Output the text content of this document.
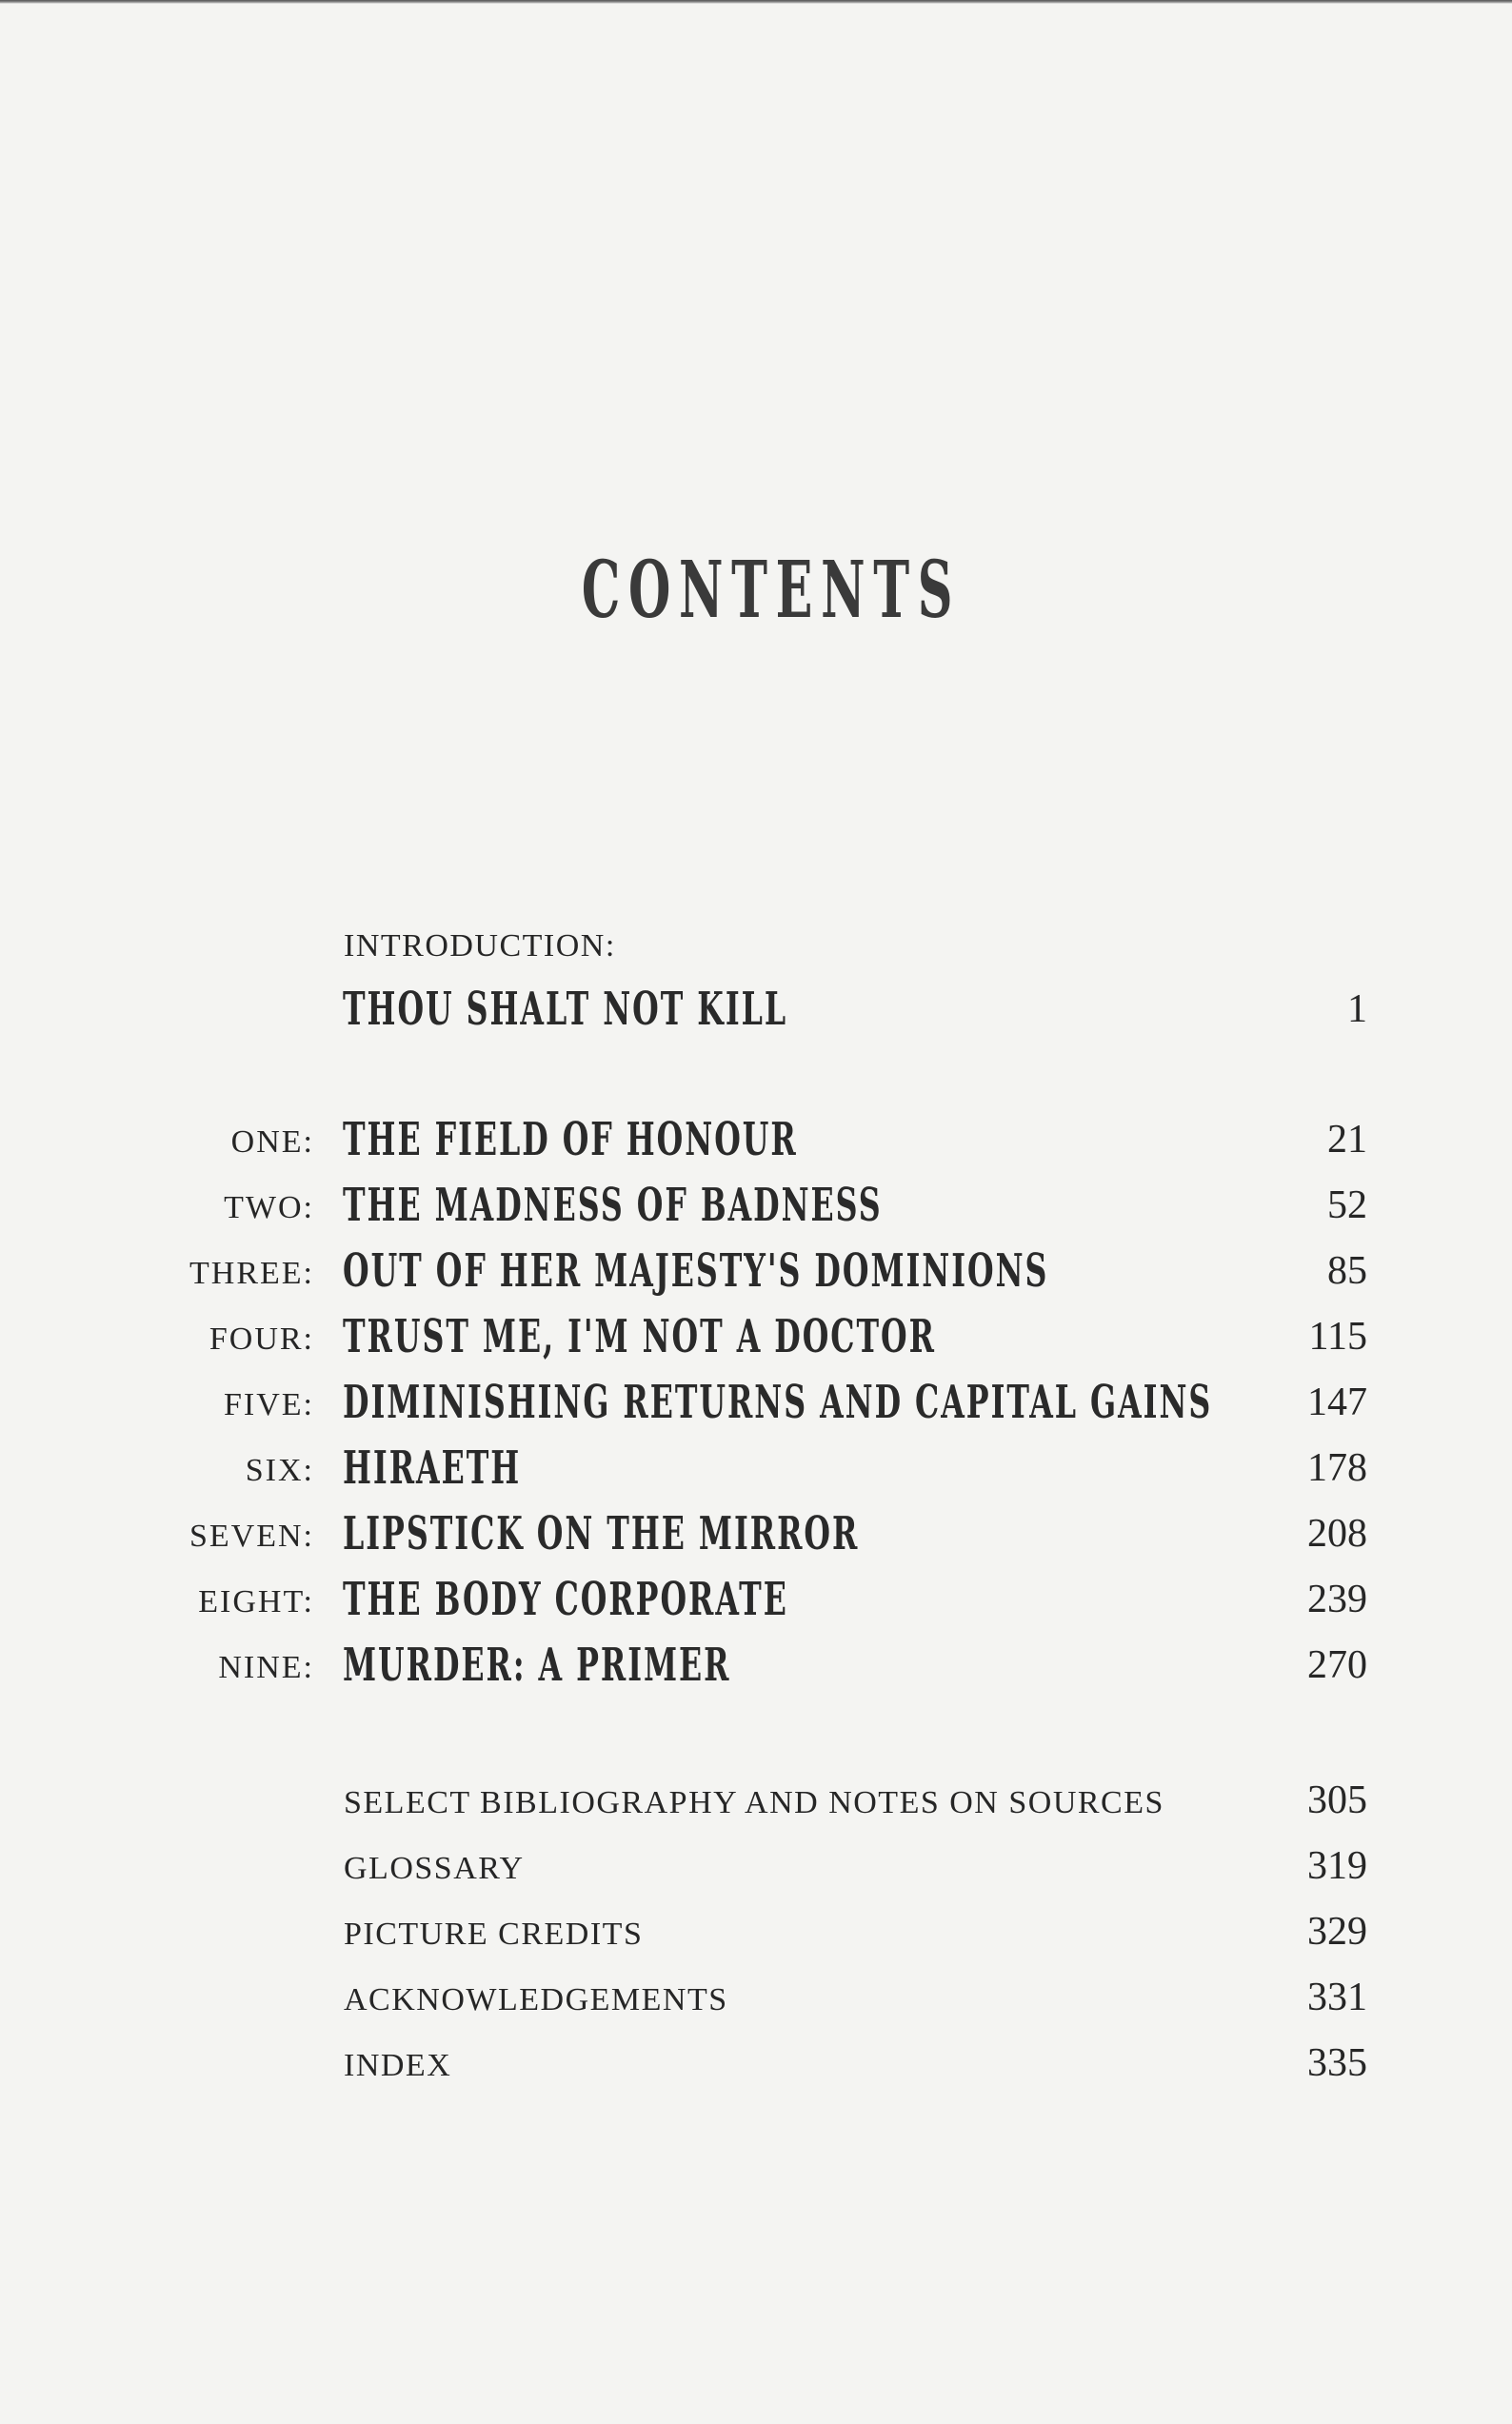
CONTENTS
INTRODUCTION:
THOU SHALT NOT KILL	1
ONE: THE FIELD OF HONOUR	21
TWO: THE MADNESS OF BADNESS	52
THREE: OUT OF HER MAJESTY'S DOMINIONS	85
FOUR: TRUST ME, I'M NOT A DOCTOR	115
FIVE: DIMINISHING RETURNS AND CAPITAL GAINS 147
SIX: HIRAETH	178
SEVEN: LIPSTICK ON THE MIRROR	208
EIGHT: THE BODY CORPORATE	239
NINE: MURDER: A PRIMER	270
SELECT BIBLIOGRAPHY AND NOTES ON SOURCES	305
GLOSSARY	319
PICTURE CREDITS	329
ACKNOWLEDGEMENTS	331
INDEX	335
